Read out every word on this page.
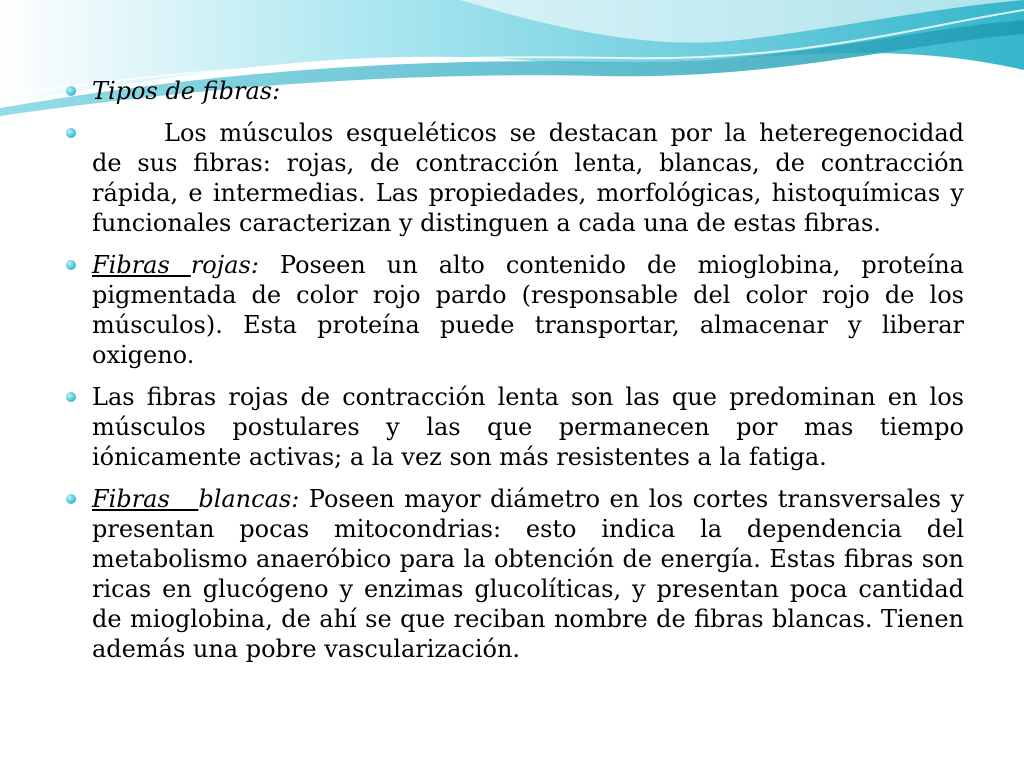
Tipos de fibras:
Los músculos esqueléticos se destacan por la heteregenocidad de sus fibras: rojas, de contracción lenta, blancas, de contracción rápida, e intermedias. Las propiedades, morfológicas, histoquímicas y funcionales caracterizan y distinguen a cada una de estas fibras.
Fibras rojas: Poseen un alto contenido de mioglobina, proteína pigmentada de color rojo pardo (responsable del color rojo de los músculos). Esta proteína puede transportar, almacenar y liberar oxigeno.
Las fibras rojas de contracción lenta son las que predominan en los músculos postulares y las que permanecen por mas tiempo iónicamente activas; a la vez son más resistentes a la fatiga.
Fibras blancas: Poseen mayor diámetro en los cortes transversales y presentan pocas mitocondrias: esto indica la dependencia del metabolismo anaeróbico para la obtención de energía. Estas fibras son ricas en glucógeno y enzimas glucolíticas, y presentan poca cantidad de mioglobina, de ahí se que reciban nombre de fibras blancas. Tienen además una pobre vascularización.
